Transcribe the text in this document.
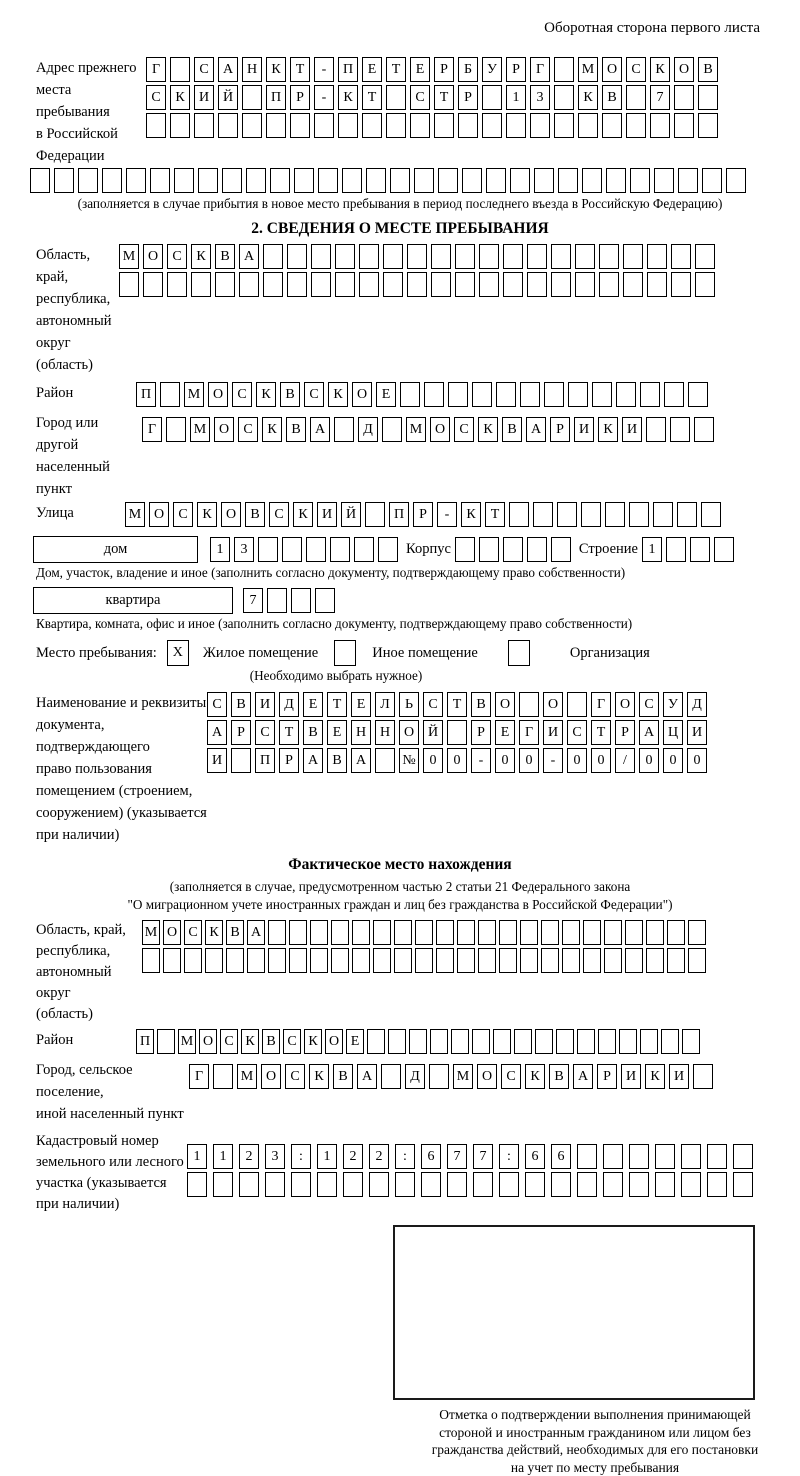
Оборотная сторона первого листа
Адрес прежнего
места пребывания
в Российской
Федерации
Г	С	А Н	К	Т	-	П	Е	Т	Е	Р	Б	У	Р	Г	М О	С	К	О	В
С	К	И Й	П	Р	-	К	Т	С	Т	Р	1	3	К	В	7
(заполняется в случае прибытия в новое место пребывания в период последнего въезда в Российскую Федерацию)
2. СВЕДЕНИЯ О МЕСТЕ ПРЕБЫВАНИЯ
Область, край,
республика,
автономный
округ (область)
М О	С	К	В	А
Район	П	М О	С	К	В	С	К	О	Е
Город или другой
населенный пункт
Г	М О	С	К	В	А	Д	М О	С	К	В	А	Р	И	К	И
Улица	М О	С	К	О	В	С	К	И Й	П	Р	-	К	Т
дом	1	3	Корпус	Строение 1
Дом, участок, владение и иное (заполнить согласно документу, подтверждающему право собственности)
квартира	7
Квартира, комната, офис и иное (заполнить согласно документу, подтверждающему право собственности)
Место пребывания:	X	Жилое помещение	Иное помещение	Организация
(Необходимо выбрать нужное)
Наименование и реквизиты
документа, подтверждающего
право пользования
помещением (строением,
сооружением) (указывается
при наличии)
С	В	И	Д	Е	Т	Е	Л	Ь	С	Т	В	О	О	Г	О	С	У	Д
А	Р	С	Т	В	Е	Н Н О Й	Р	Е	Г	И	С	Т	Р	А Ц И
И	П	Р	А	В	А	№ 0	0	-	0	0	-	0	0	/	0	0	0
Фактическое место нахождения
(заполняется в случае, предусмотренном частью 2 статьи 21 Федерального закона
"О миграционном учете иностранных граждан и лиц без гражданства в Российской Федерации")
Область, край,
республика,
автономный округ
(область)
М О С К В А
Район	П М О С К В С К О Е
Город, сельское поселение,
иной населенный пункт
Г	М О	С	К	В	А	Д	М О	С	К	В	А	Р	И	К	И
Кадастровый номер
земельного или лесного
участка (указывается
при наличии)
1	1	2	3	:	1	2	2	:	6	7	7	:	6	6
Отметка о подтверждении выполнения принимающей
стороной и иностранным гражданином или лицом без
гражданства действий, необходимых для его постановки
на учет по месту пребывания
